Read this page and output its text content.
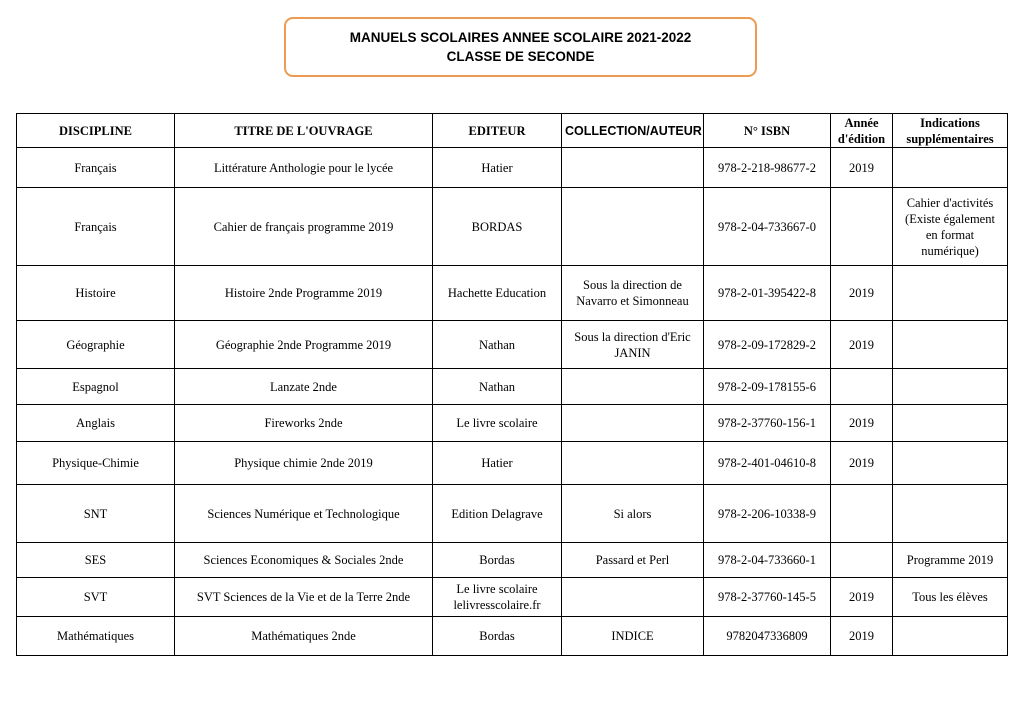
MANUELS SCOLAIRES ANNEE SCOLAIRE 2021-2022
CLASSE DE SECONDE
DISCIPLINE	TITRE DE L'OUVRAGE	EDITEUR	COLLECTION/AUTEUR	N° ISBN	Année
d'édition	Indications
supplémentaires
Français	Littérature Anthologie pour le lycée	Hatier		978-2-218-98677-2	2019	
Français	Cahier de français programme 2019	BORDAS		978-2-04-733667-0		Cahier d'activités
(Existe également
en format
numérique)
Histoire	Histoire 2nde Programme 2019	Hachette Education	Sous la direction de
Navarro et Simonneau	978-2-01-395422-8	2019	
Géographie	Géographie 2nde Programme 2019	Nathan	Sous la direction d'Eric
JANIN	978-2-09-172829-2	2019	
Espagnol	Lanzate 2nde	Nathan		978-2-09-178155-6		
Anglais	Fireworks 2nde	Le livre scolaire		978-2-37760-156-1	2019	
Physique-Chimie	Physique chimie 2nde 2019	Hatier		978-2-401-04610-8	2019	
SNT	Sciences Numérique et Technologique	Edition Delagrave	Si alors	978-2-206-10338-9		
SES	Sciences Economiques & Sociales 2nde	Bordas	Passard et Perl	978-2-04-733660-1		Programme 2019
SVT	SVT Sciences de la Vie et de la Terre 2nde	Le livre scolaire
lelivresscolaire.fr		978-2-37760-145-5	2019	Tous les élèves
Mathématiques	Mathématiques 2nde	Bordas	INDICE	9782047336809	2019	
